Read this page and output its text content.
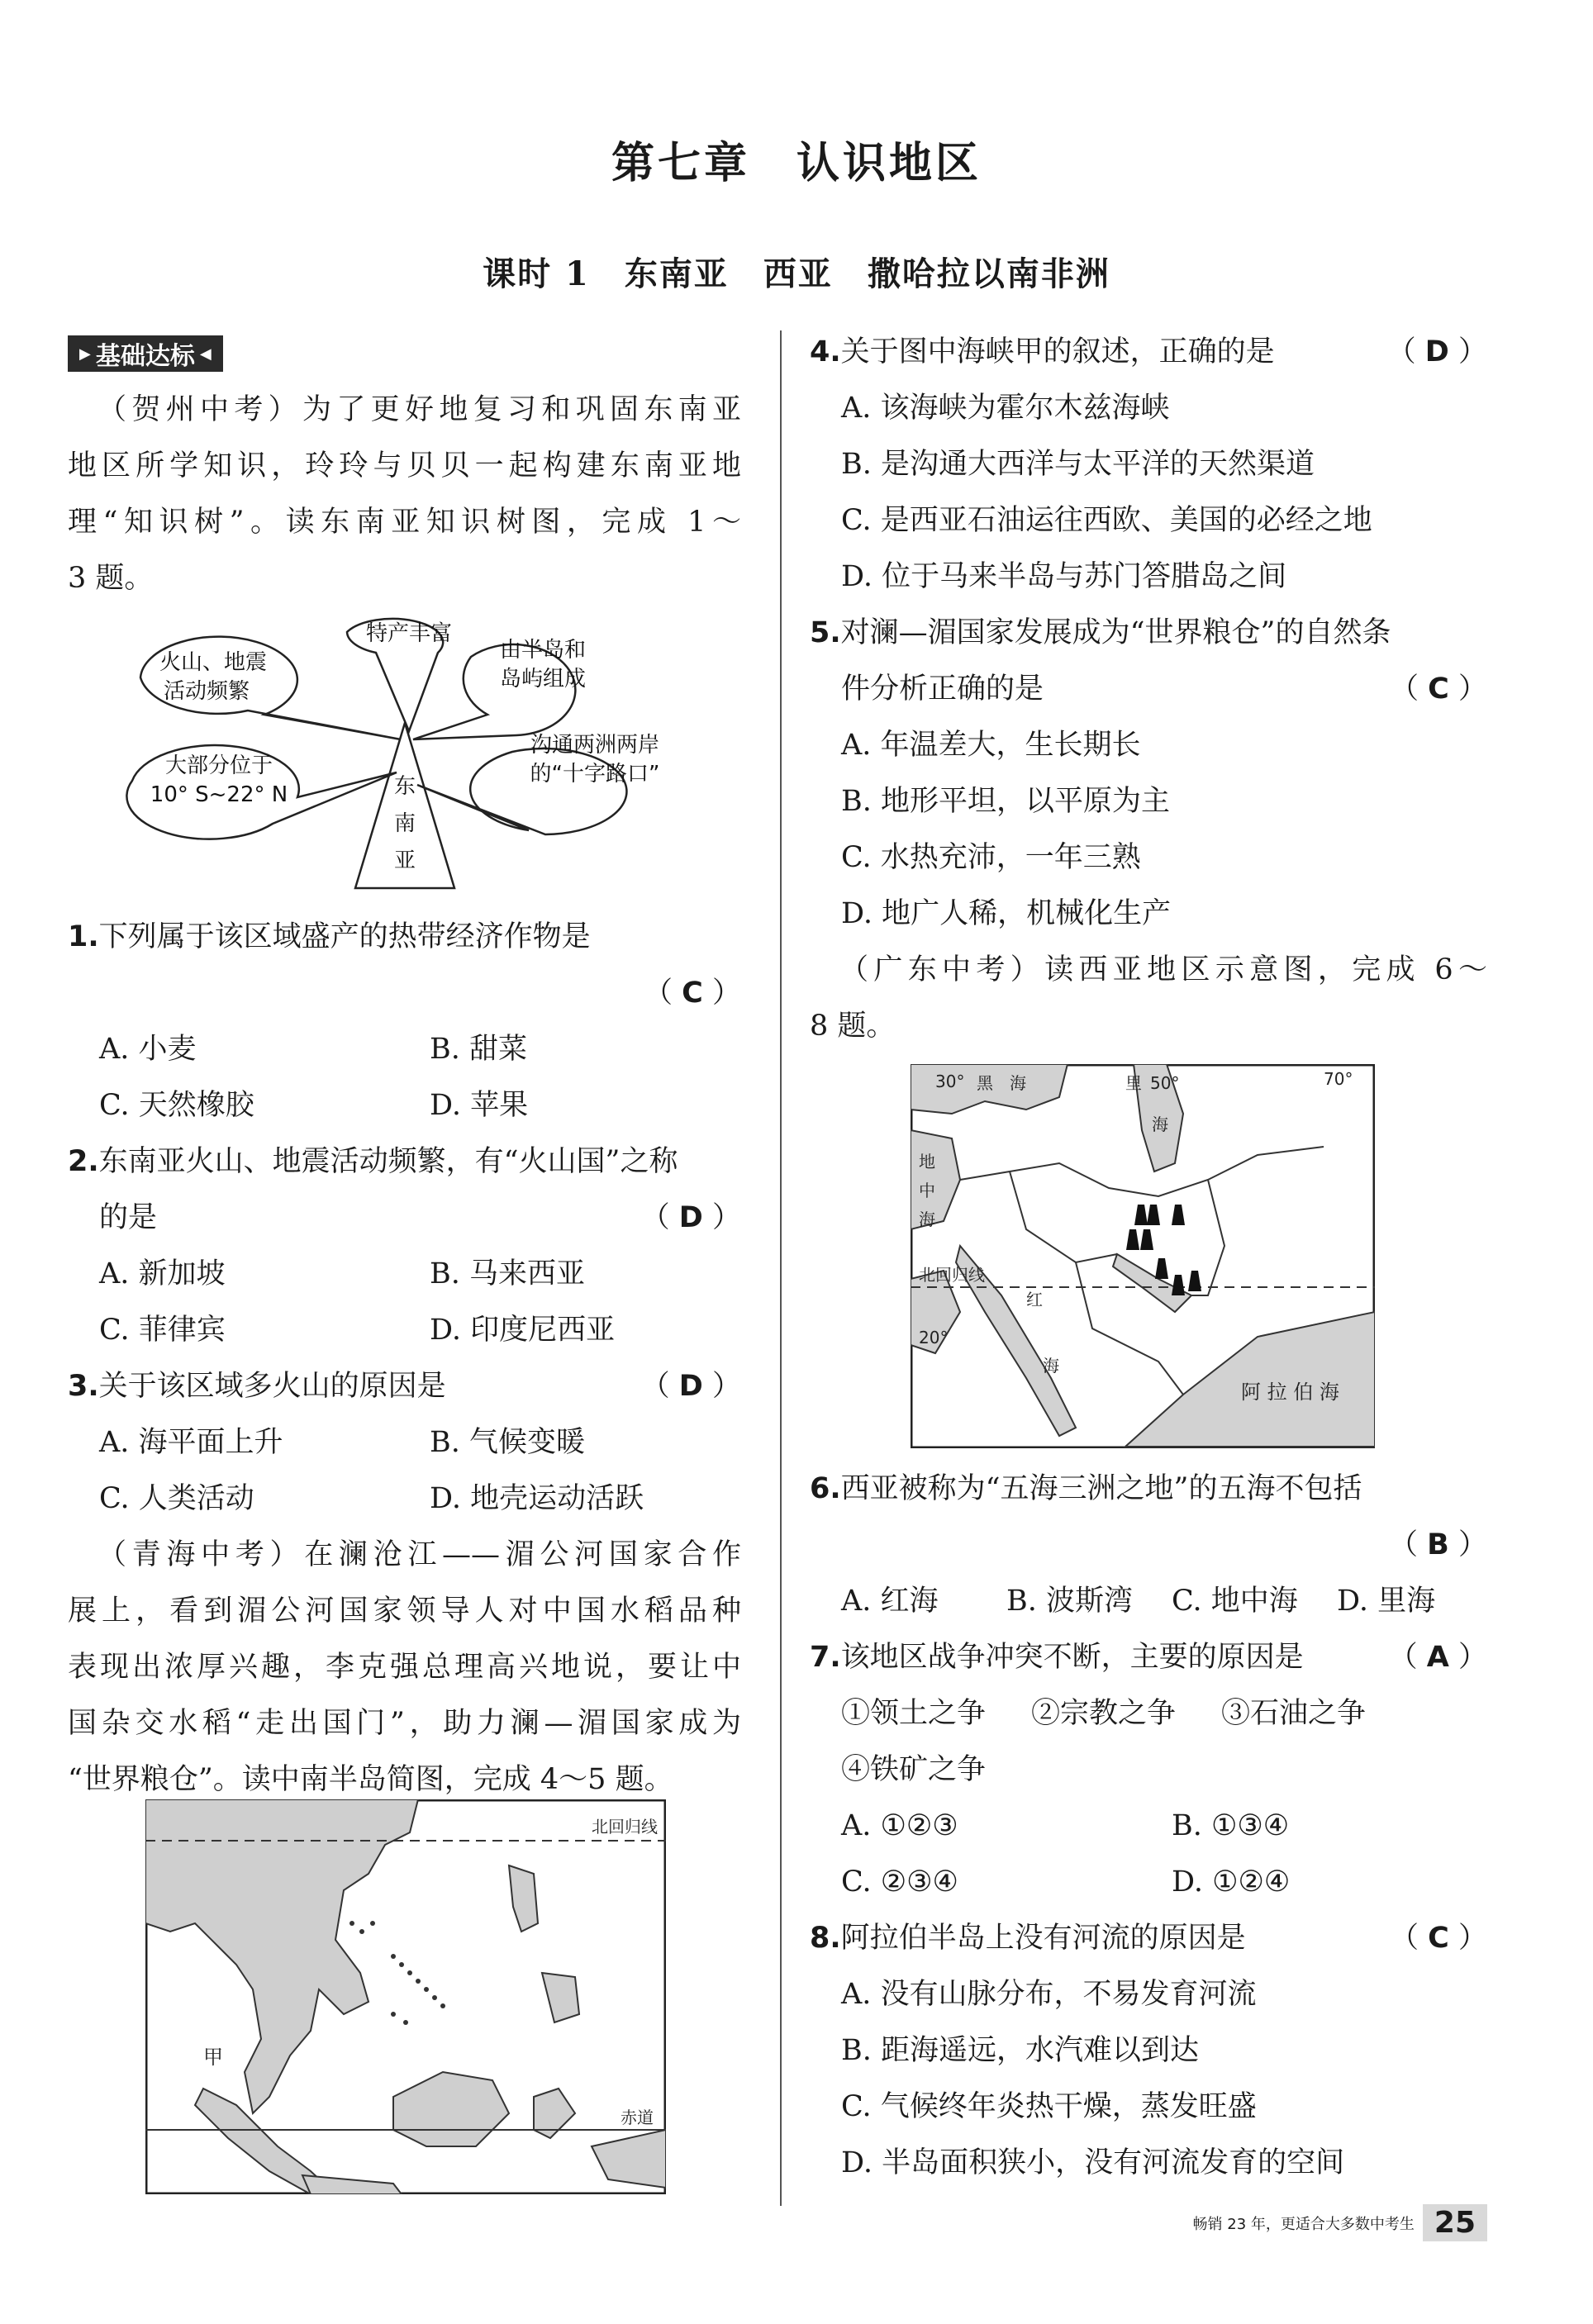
第七章　认识地区
课时 1　东南亚　西亚　撒哈拉以南非洲
▶ 基础达标 ◀
（贺州中考）为了更好地复习和巩固东南亚
地区所学知识，玲玲与贝贝一起构建东南亚地
理“知识树”。读东南亚知识树图，完成 1～
3 题。
东
南
亚
火山、地震
活动频繁
特产丰富
由半岛和
岛屿组成
大部分位于
10° S~22° N
沟通两洲两岸
的“十字路口”
1.下列属于该区域盛产的热带经济作物是
（ C ）
A. 小麦	B. 甜菜
C. 天然橡胶	D. 苹果
2.东南亚火山、地震活动频繁，有“火山国”之称
的是	（ D ）
A. 新加坡	B. 马来西亚
C. 菲律宾	D. 印度尼西亚
3.关于该区域多火山的原因是	（ D ）
A. 海平面上升	B. 气候变暖
C. 人类活动	D. 地壳运动活跃
（青海中考）在澜沧江——湄公河国家合作
展上，看到湄公河国家领导人对中国水稻品种
表现出浓厚兴趣，李克强总理高兴地说，要让中
国杂交水稻“走出国门”，助力澜—湄国家成为
“世界粮仓”。读中南半岛简图，完成 4～5 题。
北回归线
赤道
甲
4.关于图中海峡甲的叙述，正确的是	（ D ）
A. 该海峡为霍尔木兹海峡
B. 是沟通大西洋与太平洋的天然渠道
C. 是西亚石油运往西欧、美国的必经之地
D. 位于马来半岛与苏门答腊岛之间
5.对澜—湄国家发展成为“世界粮仓”的自然条
件分析正确的是	（ C ）
A. 年温差大，生长期长
B. 地形平坦，以平原为主
C. 水热充沛，一年三熟
D. 地广人稀，机械化生产
（广东中考）读西亚地区示意图，完成 6～
8 题。
黑　海	里 50°
海
70°
30°
地
中
海
北回归线
红
海
20°
阿 拉 伯 海
6.西亚被称为“五海三洲之地”的五海不包括
（ B ）
A. 红海	B. 波斯湾	C. 地中海	D. 里海
7.该地区战争冲突不断，主要的原因是	（ A ）
①领土之争	②宗教之争	③石油之争
④铁矿之争
A. ①②③	B. ①③④
C. ②③④	D. ①②④
8.阿拉伯半岛上没有河流的原因是	（ C ）
A. 没有山脉分布，不易发育河流
B. 距海遥远，水汽难以到达
C. 气候终年炎热干燥，蒸发旺盛
D. 半岛面积狭小，没有河流发育的空间
畅销 23 年，更适合大多数中考生 25
